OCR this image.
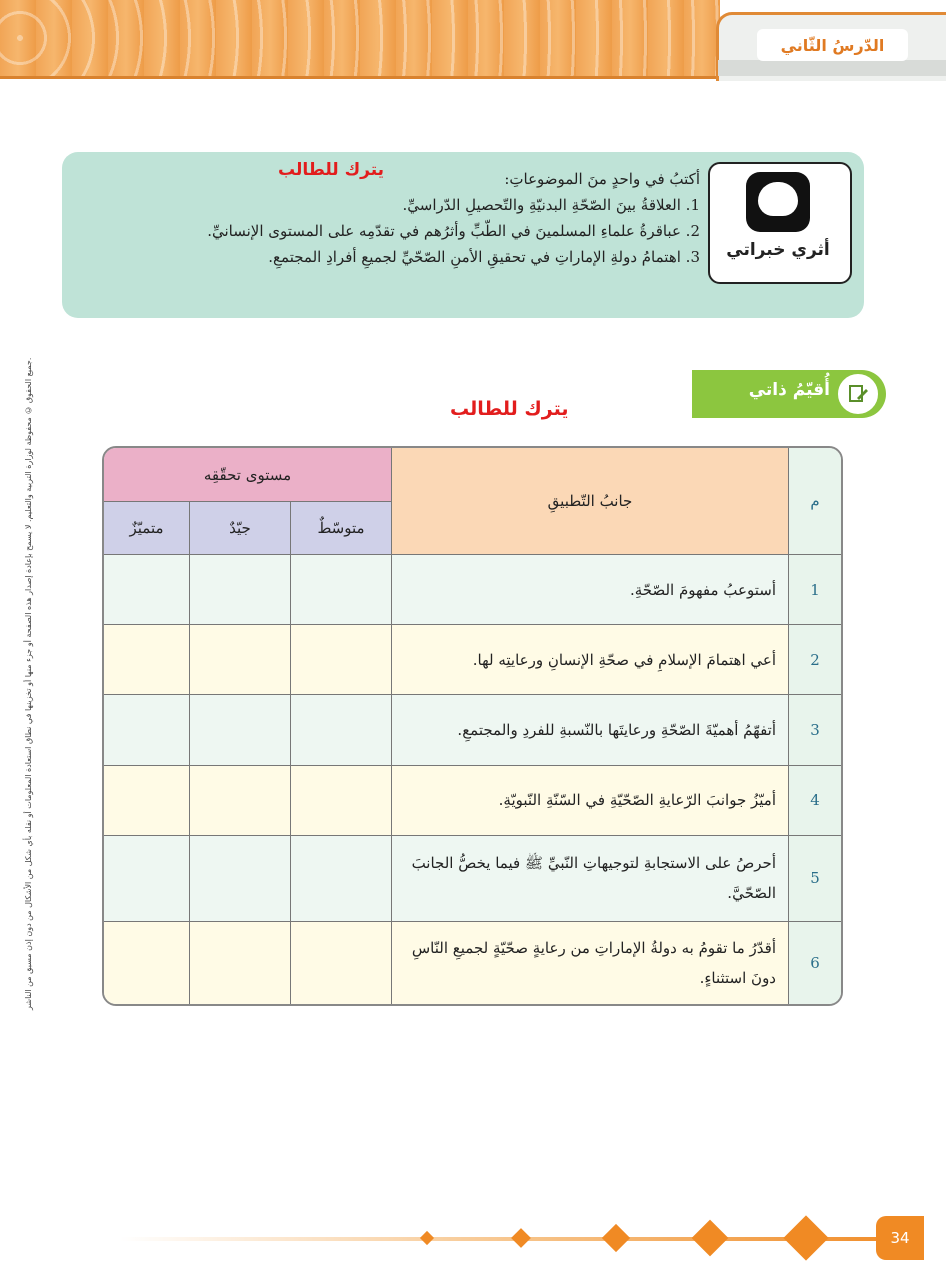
الدّرسُ الثّاني
جميع الحقوق © محفوظة لوزارة التربية والتعليم. لا يسمح بإعادة إصدار هذه الصفحة أو جزء منها أو تخزينها في نطاق استعادة المعلومات أو نقله بأي شكل من الأشكال من دون إذن مسبق من الناشر.
أثري خبراتي
يترك للطالب	أكتبُ في واحدٍ منَ الموضوعاتِ:
1. العلاقةُ بينَ الصّحّةِ البدنيّةِ والتّحصيلِ الدّراسيِّ.
2. عباقرةُ علماءِ المسلمينَ في الطّبِّ وأثرُهم في تقدّمِه على المستوى الإنسانيِّ.
3. اهتمامُ دولةِ الإماراتِ في تحقيقِ الأمنِ الصّحّيِّ لجميعِ أفرادِ المجتمعِ.
أُقيّمُ ذاتي
يترك للطالب
م	جانبُ التّطبيقِ	مستوى تحقّقِه		
		متوسّطٌ	جيّدٌ	متميّزٌ
1	أستوعبُ مفهومَ الصّحّةِ.			
2	أعي اهتمامَ الإسلامِ في صحّةِ الإنسانِ ورعايتِه لها.			
3	أتفهّمُ أهميّةَ الصّحّةِ ورعايتَها بالنّسبةِ للفردِ والمجتمعِ.			
4	أميّزُ جوانبَ الرّعايةِ الصّحّيّةِ في السّنّةِ النّبويّةِ.			
5	أحرصُ على الاستجابةِ لتوجيهاتِ النّبيِّ ﷺ فيما يخصُّ الجانبَ الصّحّيَّ.			
6	أقدّرُ ما تقومُ به دولةُ الإماراتِ من رعايةٍ صحّيّةٍ لجميعِ النّاسِ دونَ استثناءٍ.			
34
